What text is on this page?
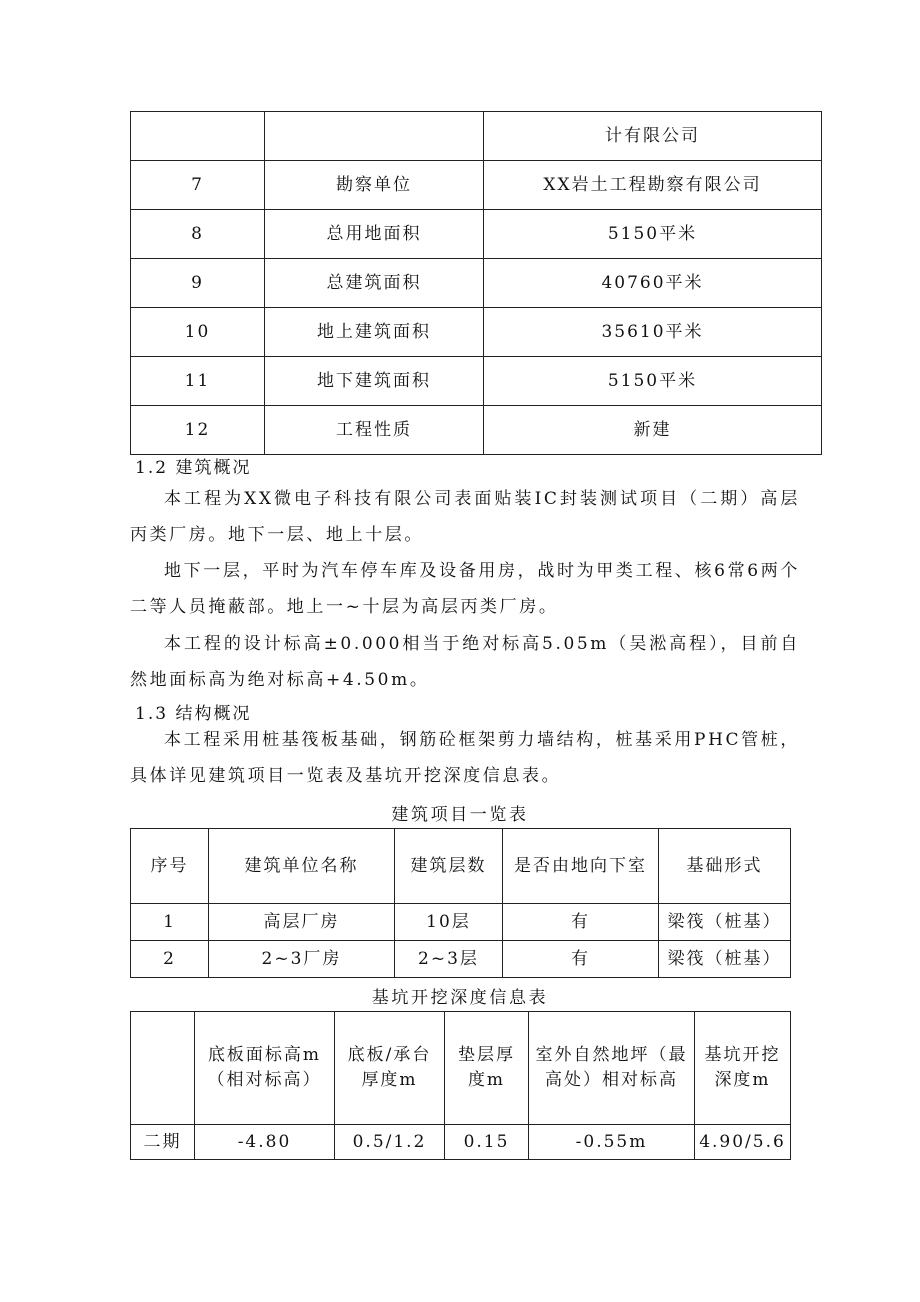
		计有限公司
7	勘察单位	XX岩土工程勘察有限公司
8	总用地面积	5150平米
9	总建筑面积	40760平米
10	地上建筑面积	35610平米
11	地下建筑面积	5150平米
12	工程性质	新建
1.2 建筑概况
本工程为XX微电子科技有限公司表面贴装IC封装测试项目（二期）高层丙类厂房。地下一层、地上十层。
地下一层，平时为汽车停车库及设备用房，战时为甲类工程、核6常6两个二等人员掩蔽部。地上一~十层为高层丙类厂房。
本工程的设计标高±0.000相当于绝对标高5.05m（吴淞高程），目前自然地面标高为绝对标高+4.50m。
1.3 结构概况
本工程采用桩基筏板基础，钢筋砼框架剪力墙结构，桩基采用PHC管桩，具体详见建筑项目一览表及基坑开挖深度信息表。
建筑项目一览表
序号	建筑单位名称	建筑层数	是否由地向下室	基础形式
1	高层厂房	10层	有	梁筏（桩基）
2	2~3厂房	2~3层	有	梁筏（桩基）
基坑开挖深度信息表
	底板面标高m（相对标高）	底板/承台厚度m	垫层厚度m	室外自然地坪（最高处）相对标高	基坑开挖深度m
二期	-4.80	0.5/1.2	0.15	-0.55m	4.90/5.6
